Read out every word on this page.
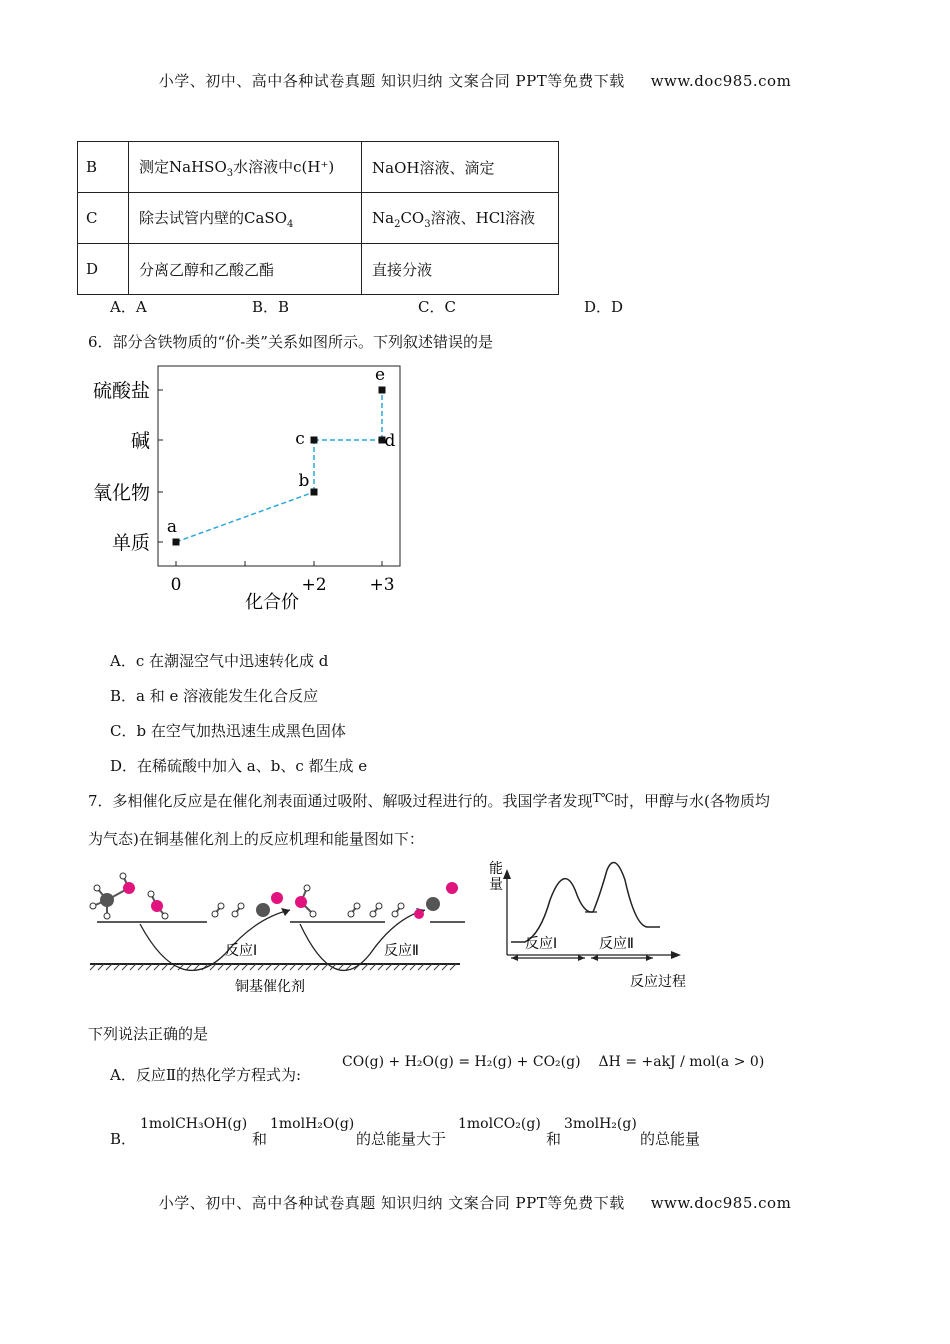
小学、初中、高中各种试卷真题 知识归纳 文案合同 PPT等免费下载 www.doc985.com
B	测定NaHSO$_3$水溶液中c(H⁺)	NaOH溶液、滴定
C	除去试管内壁的CaSO$_4$	$Na_2CO_3$溶液、HCl溶液
D	分离乙醇和乙酸乙酯	直接分液
A．A	B．B	C．C	D．D
6．部分含铁物质的“价-类”关系如图所示。下列叙述错误的是
单质
氧化物
碱
硫酸盐
0	+2	+3
a
b
c	d
e
化合价
A．c 在潮湿空气中迅速转化成 d
B．a 和 e 溶液能发生化合反应
C．b 在空气加热迅速生成黑色固体
D．在稀硫酸中加入 a、b、c 都生成 e
7．多相催化反应是在催化剂表面通过吸附、解吸过程进行的。我国学者发现$^{T℃}$时，甲醇与水(各物质均
为气态)在铜基催化剂上的反应机理和能量图如下：
反应Ⅰ	反应Ⅱ
铜基催化剂
能
量
反应Ⅰ	反应Ⅱ
反应过程
下列说法正确的是
A．反应Ⅱ的热化学方程式为:
CO(g) + H₂O(g) = H₂(g) + CO₂(g) ΔH = +akJ / mol(a > 0)
B．
1molCH₃OH(g)
和
1molH₂O(g)
的总能量大于
1molCO₂(g)
和
3molH₂(g)
的总能量
小学、初中、高中各种试卷真题 知识归纳 文案合同 PPT等免费下载 www.doc985.com
